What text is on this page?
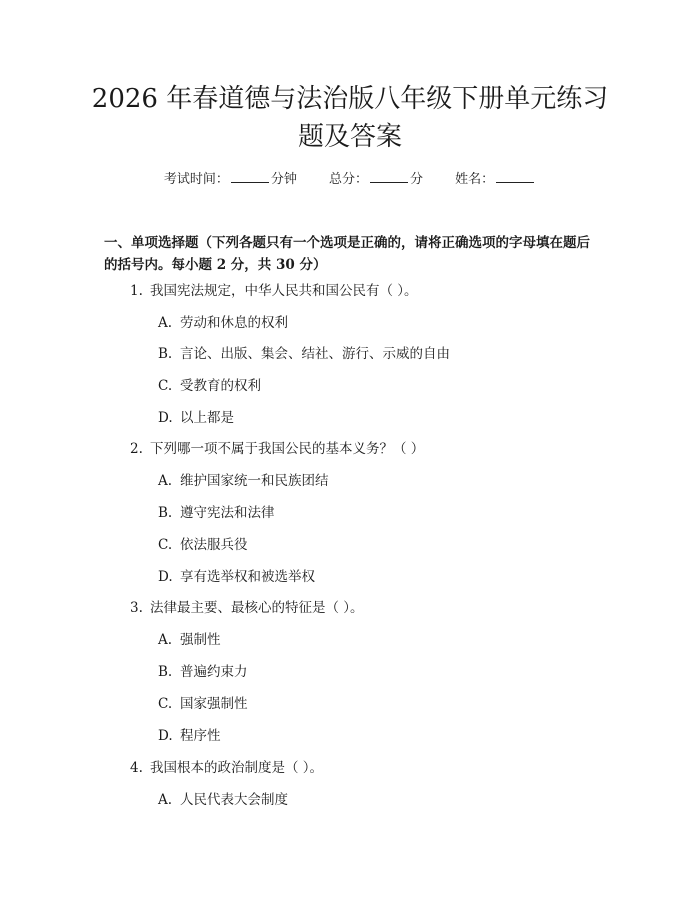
2026 年春道德与法治版八年级下册单元练习题及答案
考试时间：	分钟 总分：	分 姓名：

一、单项选择题（下列各题只有一个选项是正确的，请将正确选项的字母填在题后的括号内。每小题 2 分，共 30 分）

1. 我国宪法规定，中华人民共和国公民有（ ）。
A. 劳动和休息的权利
B. 言论、出版、集会、结社、游行、示威的自由
C. 受教育的权利
D. 以上都是
2. 下列哪一项不属于我国公民的基本义务？（ ）
A. 维护国家统一和民族团结
B. 遵守宪法和法律
C. 依法服兵役
D. 享有选举权和被选举权
3. 法律最主要、最核心的特征是（ ）。
A. 强制性
B. 普遍约束力
C. 国家强制性
D. 程序性
4. 我国根本的政治制度是（ ）。
A. 人民代表大会制度
